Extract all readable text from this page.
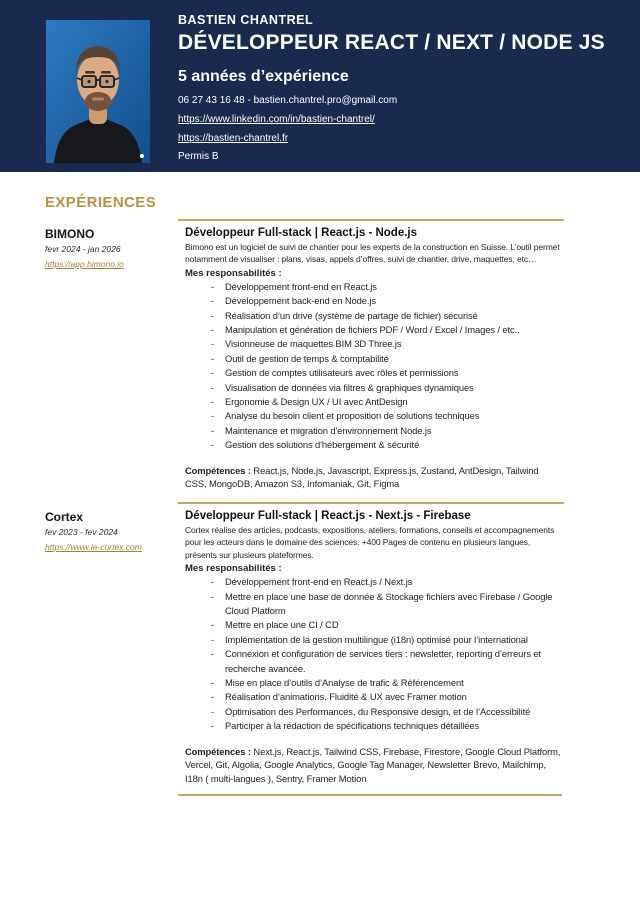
BASTIEN CHANTREL
DÉVELOPPEUR REACT / NEXT / NODE JS
5 années d’expérience
06 27 43 16 48 - bastien.chantrel.pro@gmail.com
https://www.linkedin.com/in/bastien-chantrel/
https://bastien-chantrel.fr
Permis B
EXPÉRIENCES
BIMONO
fevr 2024 - jan 2026
https://app.bimono.io
Développeur Full-stack | React.js - Node.js

Bimono est un logiciel de suivi de chantier pour les experts de la construction en Suisse. L’outil permet notamment de visualiser : plans, visas, appels d’offres, suivi de chantier, drive, maquettes, etc…

Mes responsabilités :

- Développement front-end en React.js
- Développement back-end en Node.js
- Réalisation d’un drive (système de partage de fichier) sécurisé
- Manipulation et génération de fichiers PDF / Word / Excel / Images / etc..
- Visionneuse de maquettes BIM 3D Three.js
- Outil de gestion de temps & comptabilité
- Gestion de comptes utilisateurs avec rôles et permissions
- Visualisation de données via filtres & graphiques dynamiques
- Ergonomie & Design UX / UI avec AntDesign
- Analyse du besoin client et proposition de solutions techniques
- Maintenance et migration d'environnement Node.js
- Gestion des solutions d'hébergement & sécurité

Compétences : React.js, Node.js, Javascript, Express.js, Zustand, AntDesign, Tailwind CSS, MongoDB, Amazon S3, Infomaniak, Git, Figma

Cortex
fev 2023 - fev 2024
https://www.le-cortex.com
Développeur Full-stack | React.js - Next.js - Firebase

Cortex réalise des articles, podcasts, expositions, ateliers, formations, conseils et accompagnements pour les acteurs dans le domaine des sciences. +400 Pages de contenu en plusieurs langues, présents sur plusieurs plateformes.

Mes responsabilités :

- Développement front-end en React.js / Next.js
- Mettre en place une base de donnée & Stockage fichiers avec Firebase / Google Cloud Platform
- Mettre en place une CI / CD
- Implémentation de la gestion multilingue (i18n) optimisé pour l’international
- Connexion et configuration de services tiers : newsletter, reporting d’erreurs et recherche avancée.
- Mise en place d’outils d’Analyse de trafic & Référencement
- Réalisation d’animations, Fluidité & UX avec Framer motion
- Optimisation des Performances, du Responsive design, et de l’Accessibilité
- Participer à la rédaction de spécifications techniques détaillées

Compétences : Next.js, React.js, Tailwind CSS, Firebase, Firestore, Google Cloud Platform, Vercel, Git, Algolia, Google Analytics, Google Tag Manager, Newsletter Brevo, Mailchimp, I18n ( multi-langues ), Sentry, Framer Motion
